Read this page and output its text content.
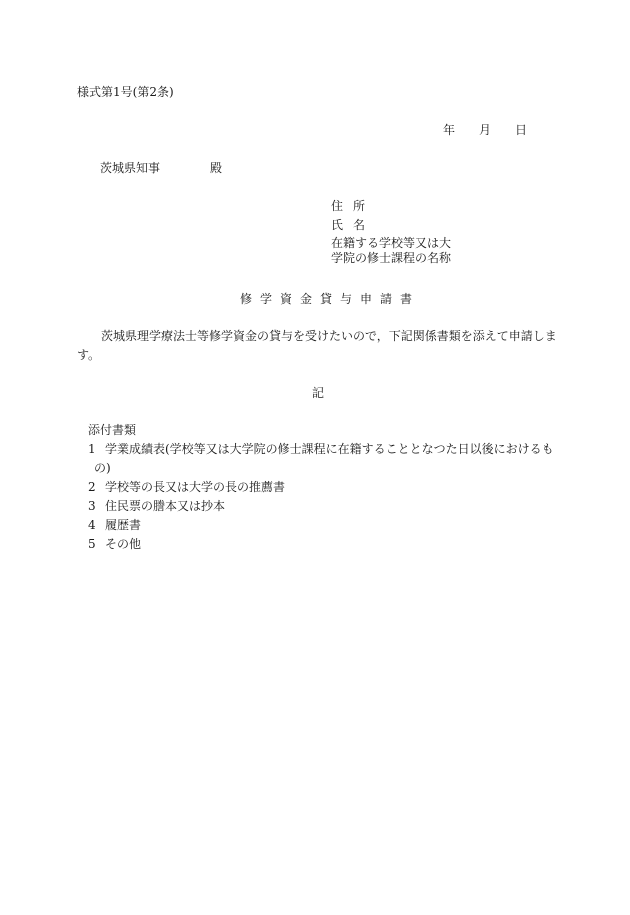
様式第1号(第2条)
年 月 日
茨城県知事	殿
住 所
氏 名
在籍する学校等又は大
学院の修士課程の名称
修学資金貸与申請書
茨城県理学療法士等修学資金の貸与を受けたいので，下記関係書類を添えて申請します。
記
添付書類
1 学業成績表(学校等又は大学院の修士課程に在籍することとなつた日以後におけるも
の)
2 学校等の長又は大学の長の推薦書
3 住民票の謄本又は抄本
4 履歴書
5 その他
